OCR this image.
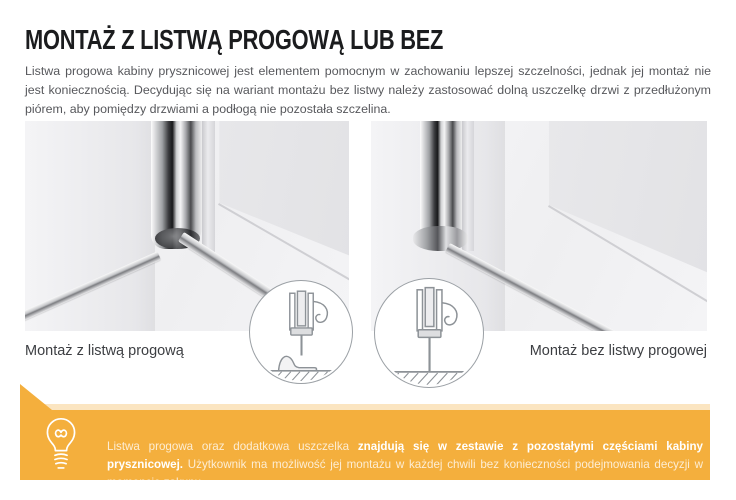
MONTAŻ Z LISTWĄ PROGOWĄ LUB BEZ

Listwa progowa kabiny prysznicowej jest elementem pomocnym w zachowaniu lepszej szczelności, jednak jej montaż nie jest koniecznością. Decydując się na wariant montażu bez listwy należy zastosować dolną uszczelkę drzwi z przedłużonym piórem, aby pomiędzy drzwiami a podłogą nie pozostała szczelina.

Montaż z listwą progową	Montaż bez listwy progowej

Listwa progowa oraz dodatkowa uszczelka znajdują się w zestawie z pozostałymi częściami kabiny prysznicowej. Użytkownik ma możliwość jej montażu w każdej chwili bez konieczności podejmowania decyzji w momencie zakupu.
